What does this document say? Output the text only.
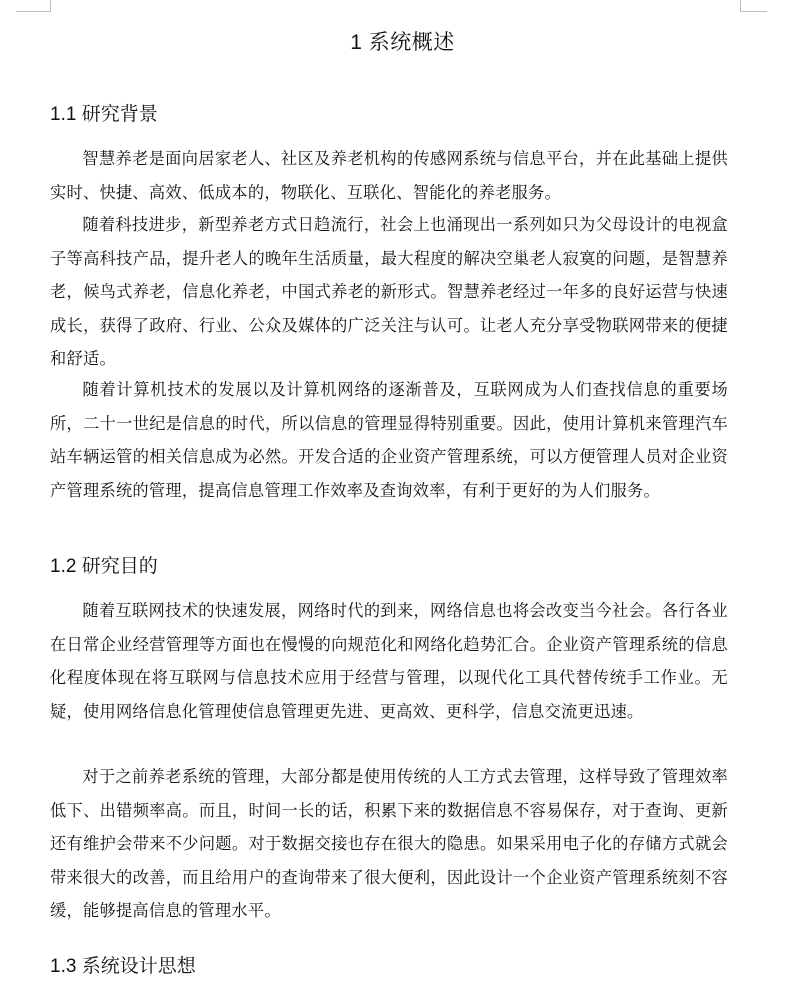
1 系统概述
1.1 研究背景

智慧养老是面向居家老人、社区及养老机构的传感网系统与信息平台，并在此基础上提供实时、快捷、高效、低成本的，物联化、互联化、智能化的养老服务。

随着科技进步，新型养老方式日趋流行，社会上也涌现出一系列如只为父母设计的电视盒子等高科技产品，提升老人的晚年生活质量，最大程度的解决空巢老人寂寞的问题，是智慧养老，候鸟式养老，信息化养老，中国式养老的新形式。智慧养老经过一年多的良好运营与快速成长，获得了政府、行业、公众及媒体的广泛关注与认可。让老人充分享受物联网带来的便捷和舒适。

随着计算机技术的发展以及计算机网络的逐渐普及，互联网成为人们查找信息的重要场所，二十一世纪是信息的时代，所以信息的管理显得特别重要。因此，使用计算机来管理汽车站车辆运管的相关信息成为必然。开发合适的企业资产管理系统，可以方便管理人员对企业资产管理系统的管理，提高信息管理工作效率及查询效率，有利于更好的为人们服务。

1.2 研究目的

随着互联网技术的快速发展，网络时代的到来，网络信息也将会改变当今社会。各行各业在日常企业经营管理等方面也在慢慢的向规范化和网络化趋势汇合。企业资产管理系统的信息化程度体现在将互联网与信息技术应用于经营与管理，以现代化工具代替传统手工作业。无疑，使用网络信息化管理使信息管理更先进、更高效、更科学，信息交流更迅速。

对于之前养老系统的管理，大部分都是使用传统的人工方式去管理，这样导致了管理效率低下、出错频率高。而且，时间一长的话，积累下来的数据信息不容易保存，对于查询、更新还有维护会带来不少问题。对于数据交接也存在很大的隐患。如果采用电子化的存储方式就会带来很大的改善，而且给用户的查询带来了很大便利，因此设计一个企业资产管理系统刻不容缓，能够提高信息的管理水平。

1.3 系统设计思想
